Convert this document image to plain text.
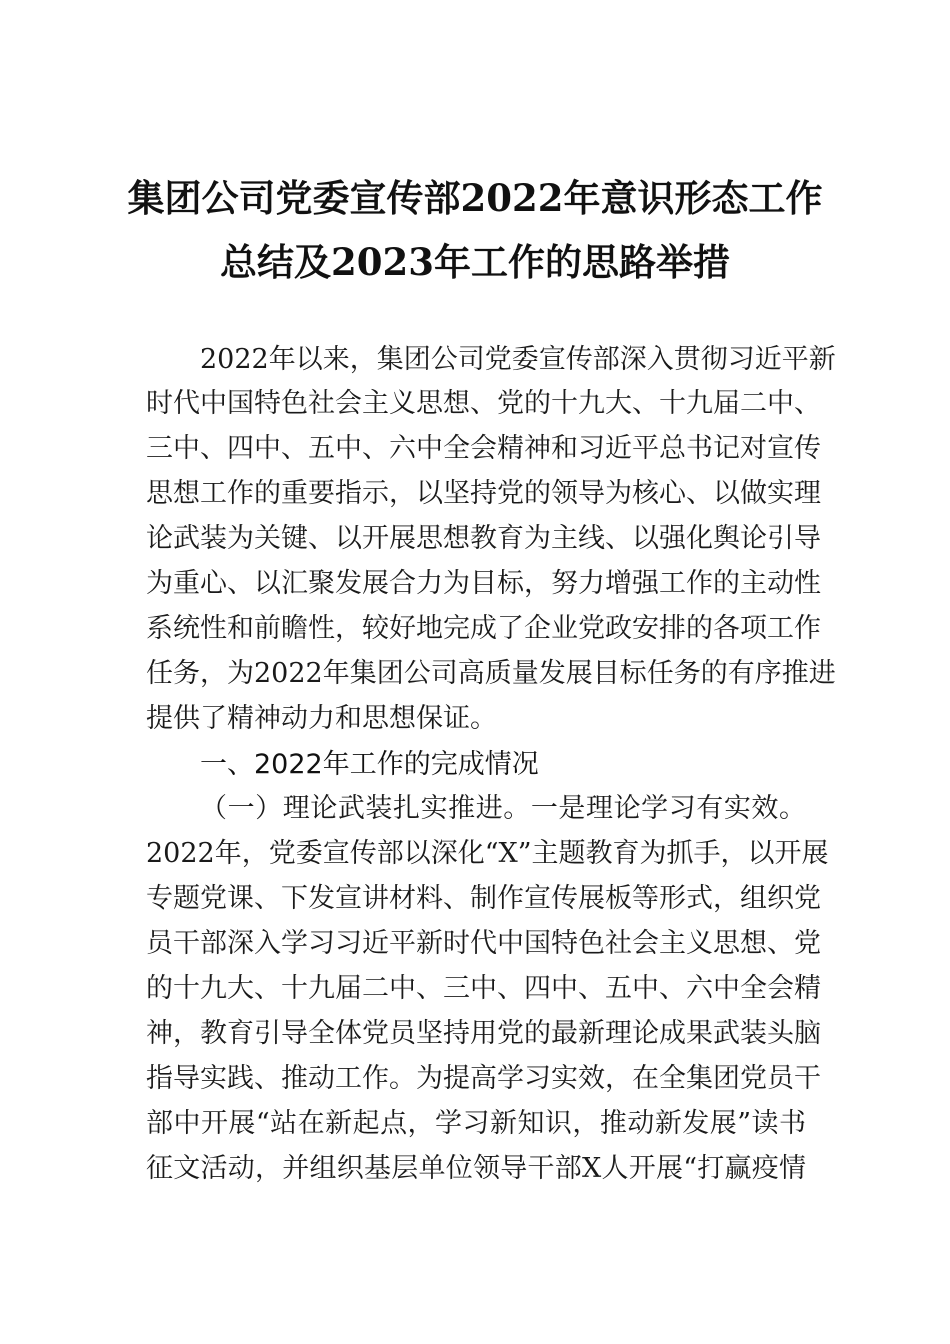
集团公司党委宣传部2022年意识形态工作
总结及2023年工作的思路举措
2022年以来，集团公司党委宣传部深入贯彻习近平新
时代中国特色社会主义思想、党的十九大、十九届二中、
三中、四中、五中、六中全会精神和习近平总书记对宣传
思想工作的重要指示，以坚持党的领导为核心、以做实理
论武装为关键、以开展思想教育为主线、以强化舆论引导
为重心、以汇聚发展合力为目标，努力增强工作的主动性
系统性和前瞻性，较好地完成了企业党政安排的各项工作
任务，为2022年集团公司高质量发展目标任务的有序推进
提供了精神动力和思想保证。
一、2022年工作的完成情况
（一）理论武装扎实推进。一是理论学习有实效。
2022年，党委宣传部以深化“X”主题教育为抓手，以开展
专题党课、下发宣讲材料、制作宣传展板等形式，组织党
员干部深入学习习近平新时代中国特色社会主义思想、党
的十九大、十九届二中、三中、四中、五中、六中全会精
神，教育引导全体党员坚持用党的最新理论成果武装头脑
指导实践、推动工作。为提高学习实效，在全集团党员干
部中开展“站在新起点，学习新知识，推动新发展”读书
征文活动，并组织基层单位领导干部X人开展“打赢疫情
